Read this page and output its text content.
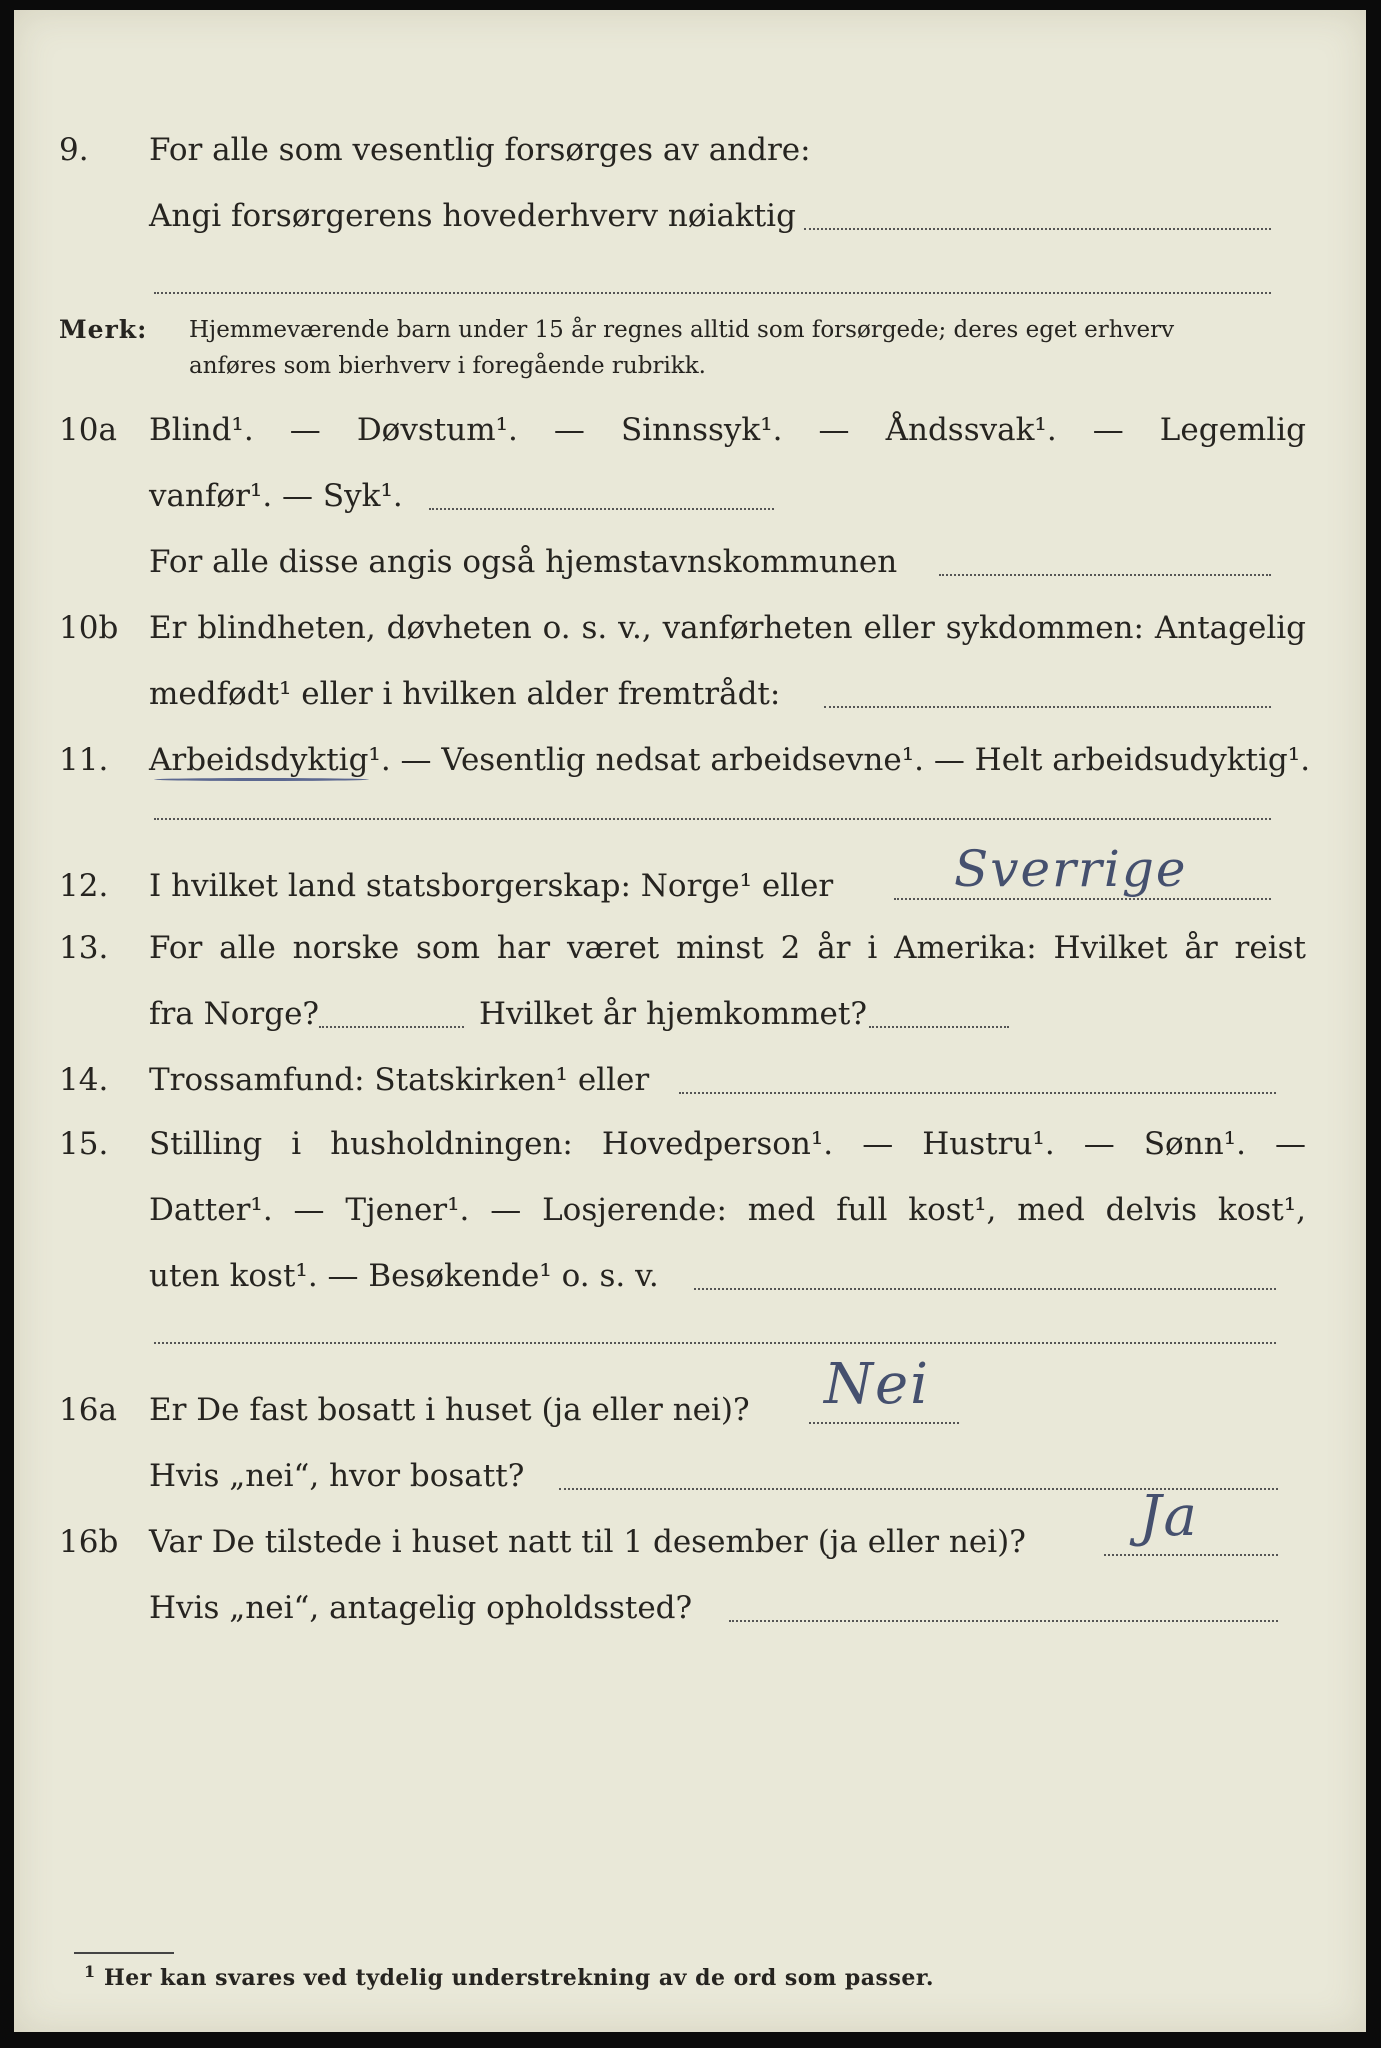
9.	For alle som vesentlig forsørges av andre:
Angi forsørgerens hovederhverv nøiaktig
Merk: Hjemmeværende barn under 15 år regnes alltid som forsørgede; deres eget erhverv
anføres som bierhverv i foregående rubrikk.
10a	Blind¹. — Døvstum¹. — Sinnssyk¹. — Åndssvak¹. — Legemlig
vanfør¹. — Syk¹.
For alle disse angis også hjemstavnskommunen
10b Er blindheten, døvheten o. s. v., vanførheten eller sykdommen: Antagelig
medfødt¹ eller i hvilken alder fremtrådt:
11.	Arbeidsdyktig¹. — Vesentlig nedsat arbeidsevne¹. — Helt arbeidsudyktig¹.
12.	I hvilket land statsborgerskap: Norge¹ eller Sverrige
13.	For alle norske som har været minst 2 år i Amerika: Hvilket år reist
fra Norge?	Hvilket år hjemkommet?
14.	Trossamfund: Statskirken¹ eller
15.	Stilling i husholdningen: Hovedperson¹. — Hustru¹. — Sønn¹. —
Datter¹. — Tjener¹. — Losjerende: med full kost¹, med delvis kost¹,
uten kost¹. — Besøkende¹ o. s. v.
16a	Er De fast bosatt i huset (ja eller nei)? Nei
Hvis „nei“, hvor bosatt?
16b Var De tilstede i huset natt til 1 desember (ja eller nei)? Ja
Hvis „nei“, antagelig opholdssted?
1 Her kan svares ved tydelig understrekning av de ord som passer.
